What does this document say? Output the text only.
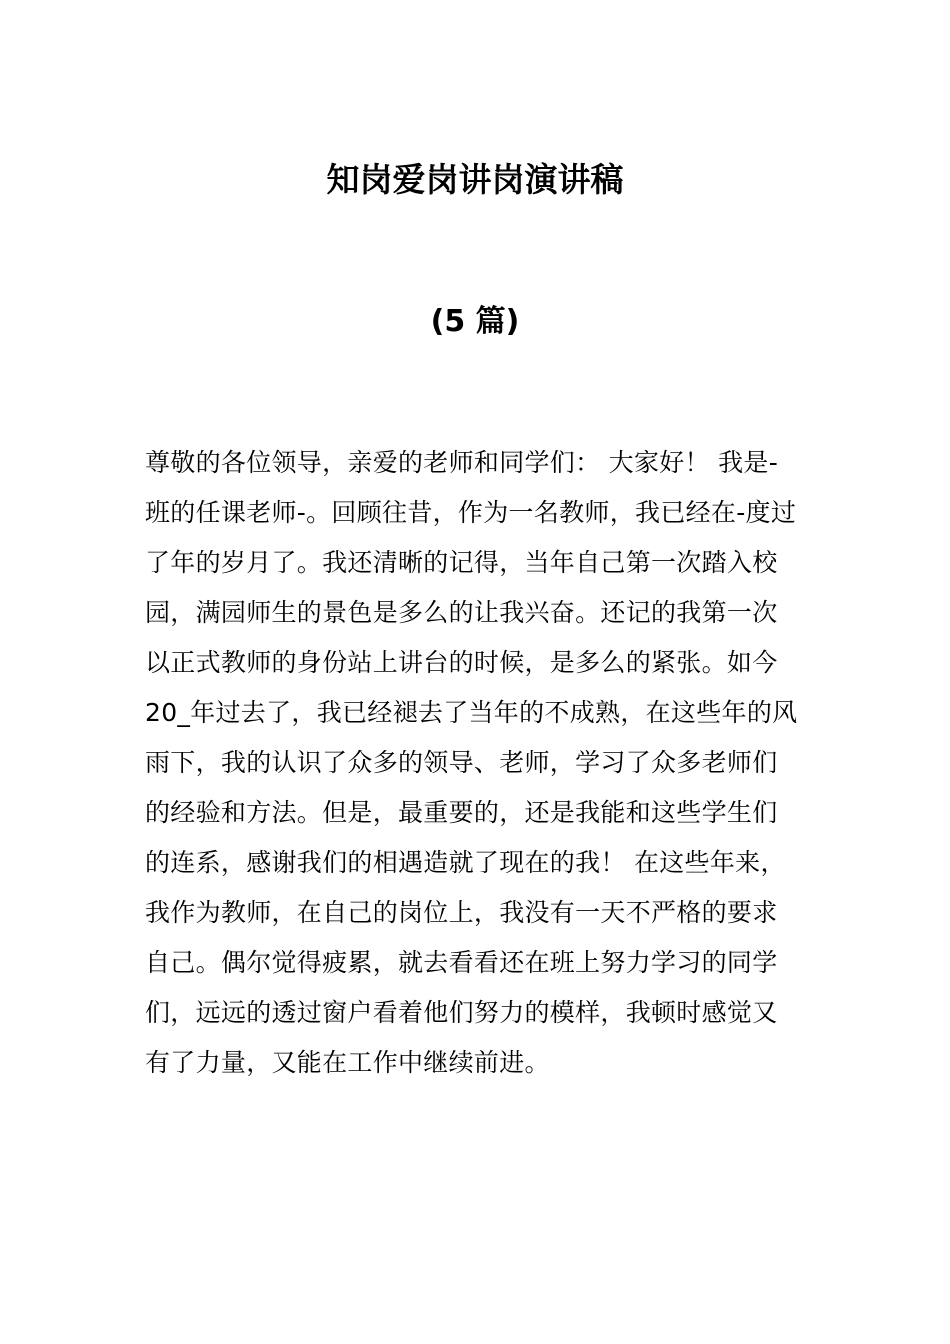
知岗爱岗讲岗演讲稿
(5 篇)
尊敬的各位领导，亲爱的老师和同学们： 大家好！ 我是-
班的任课老师-。回顾往昔，作为一名教师，我已经在-度过
了年的岁月了。我还清晰的记得，当年自己第一次踏入校
园，满园师生的景色是多么的让我兴奋。还记的我第一次
以正式教师的身份站上讲台的时候，是多么的紧张。如今
20_年过去了，我已经褪去了当年的不成熟，在这些年的风
雨下，我的认识了众多的领导、老师，学习了众多老师们
的经验和方法。但是，最重要的，还是我能和这些学生们
的连系，感谢我们的相遇造就了现在的我！ 在这些年来，
我作为教师，在自己的岗位上，我没有一天不严格的要求
自己。偶尔觉得疲累，就去看看还在班上努力学习的同学
们，远远的透过窗户看着他们努力的模样，我顿时感觉又
有了力量，又能在工作中继续前进。
